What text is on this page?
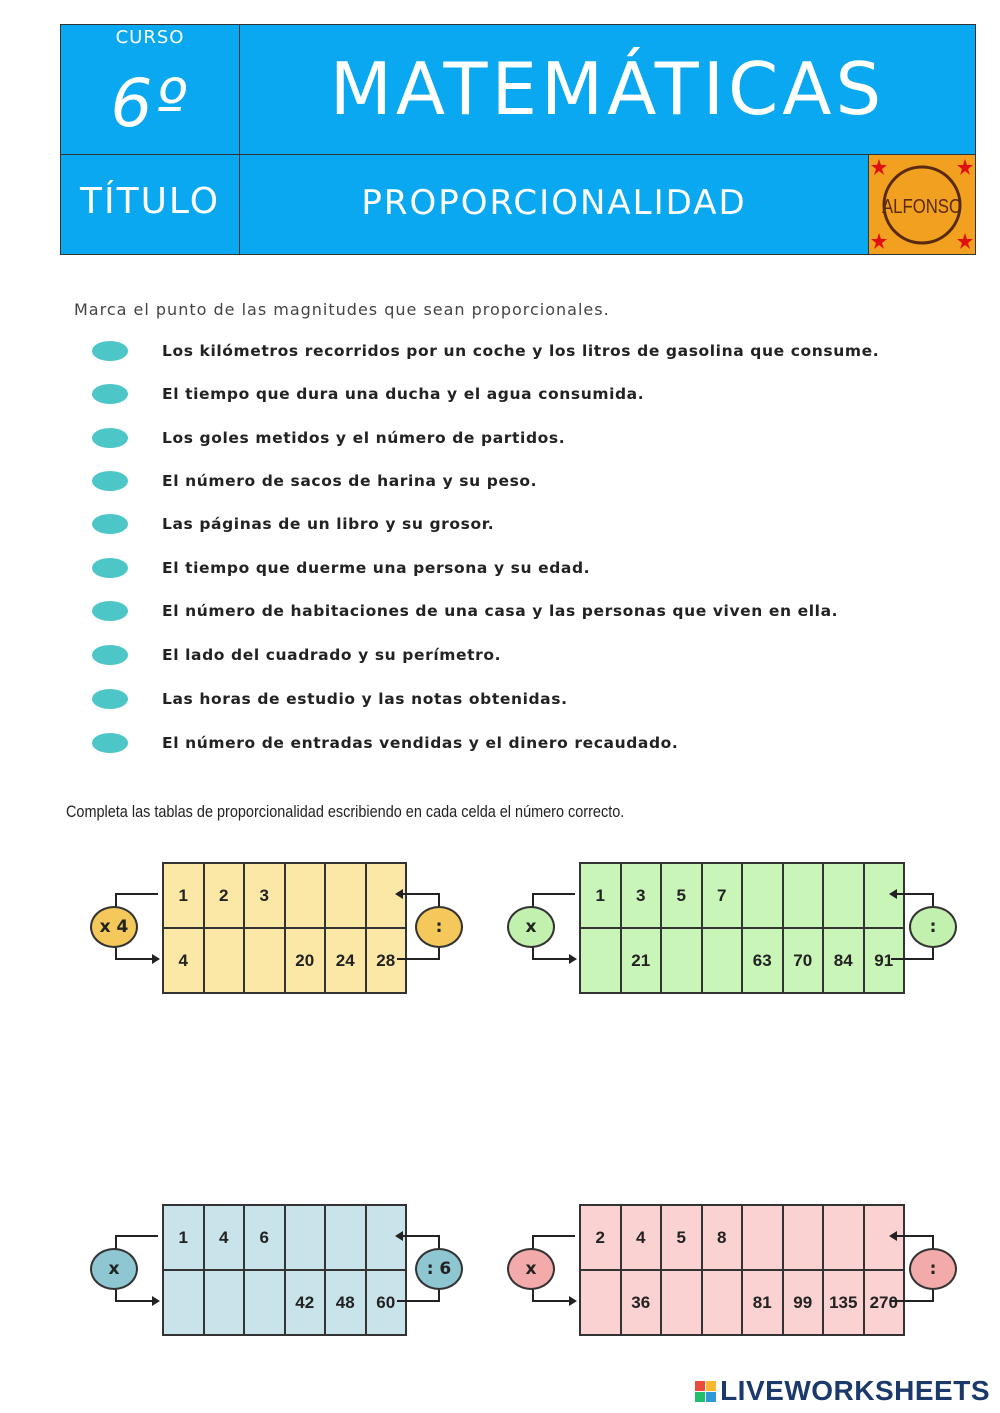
CURSO
6º	MATEMÁTICAS
TÍTULO	PROPORCIONALIDAD	ALFONSO
Marca el punto de las magnitudes que sean proporcionales.
Los kilómetros recorridos por un coche y los litros de gasolina que consume.
El tiempo que dura una ducha y el agua consumida.
Los goles metidos y el número de partidos.
El número de sacos de harina y su peso.
Las páginas de un libro y su grosor.
El tiempo que duerme una persona y su edad.
El número de habitaciones de una casa y las personas que viven en ella.
El lado del cuadrado y su perímetro.
Las horas de estudio y las notas obtenidas.
El número de entradas vendidas y el dinero recaudado.
Completa las tablas de proporcionalidad escribiendo en cada celda el número correcto.
1	2	3			
4			20	24	28
x 4	:
1	3	5	7				
	21			63	70	84	91
x	:
1	4	6			
			42	48	60
x	: 6
2	4	5	8				
	36			81	99	135	270
x	:
LIVEWORKSHEETS
